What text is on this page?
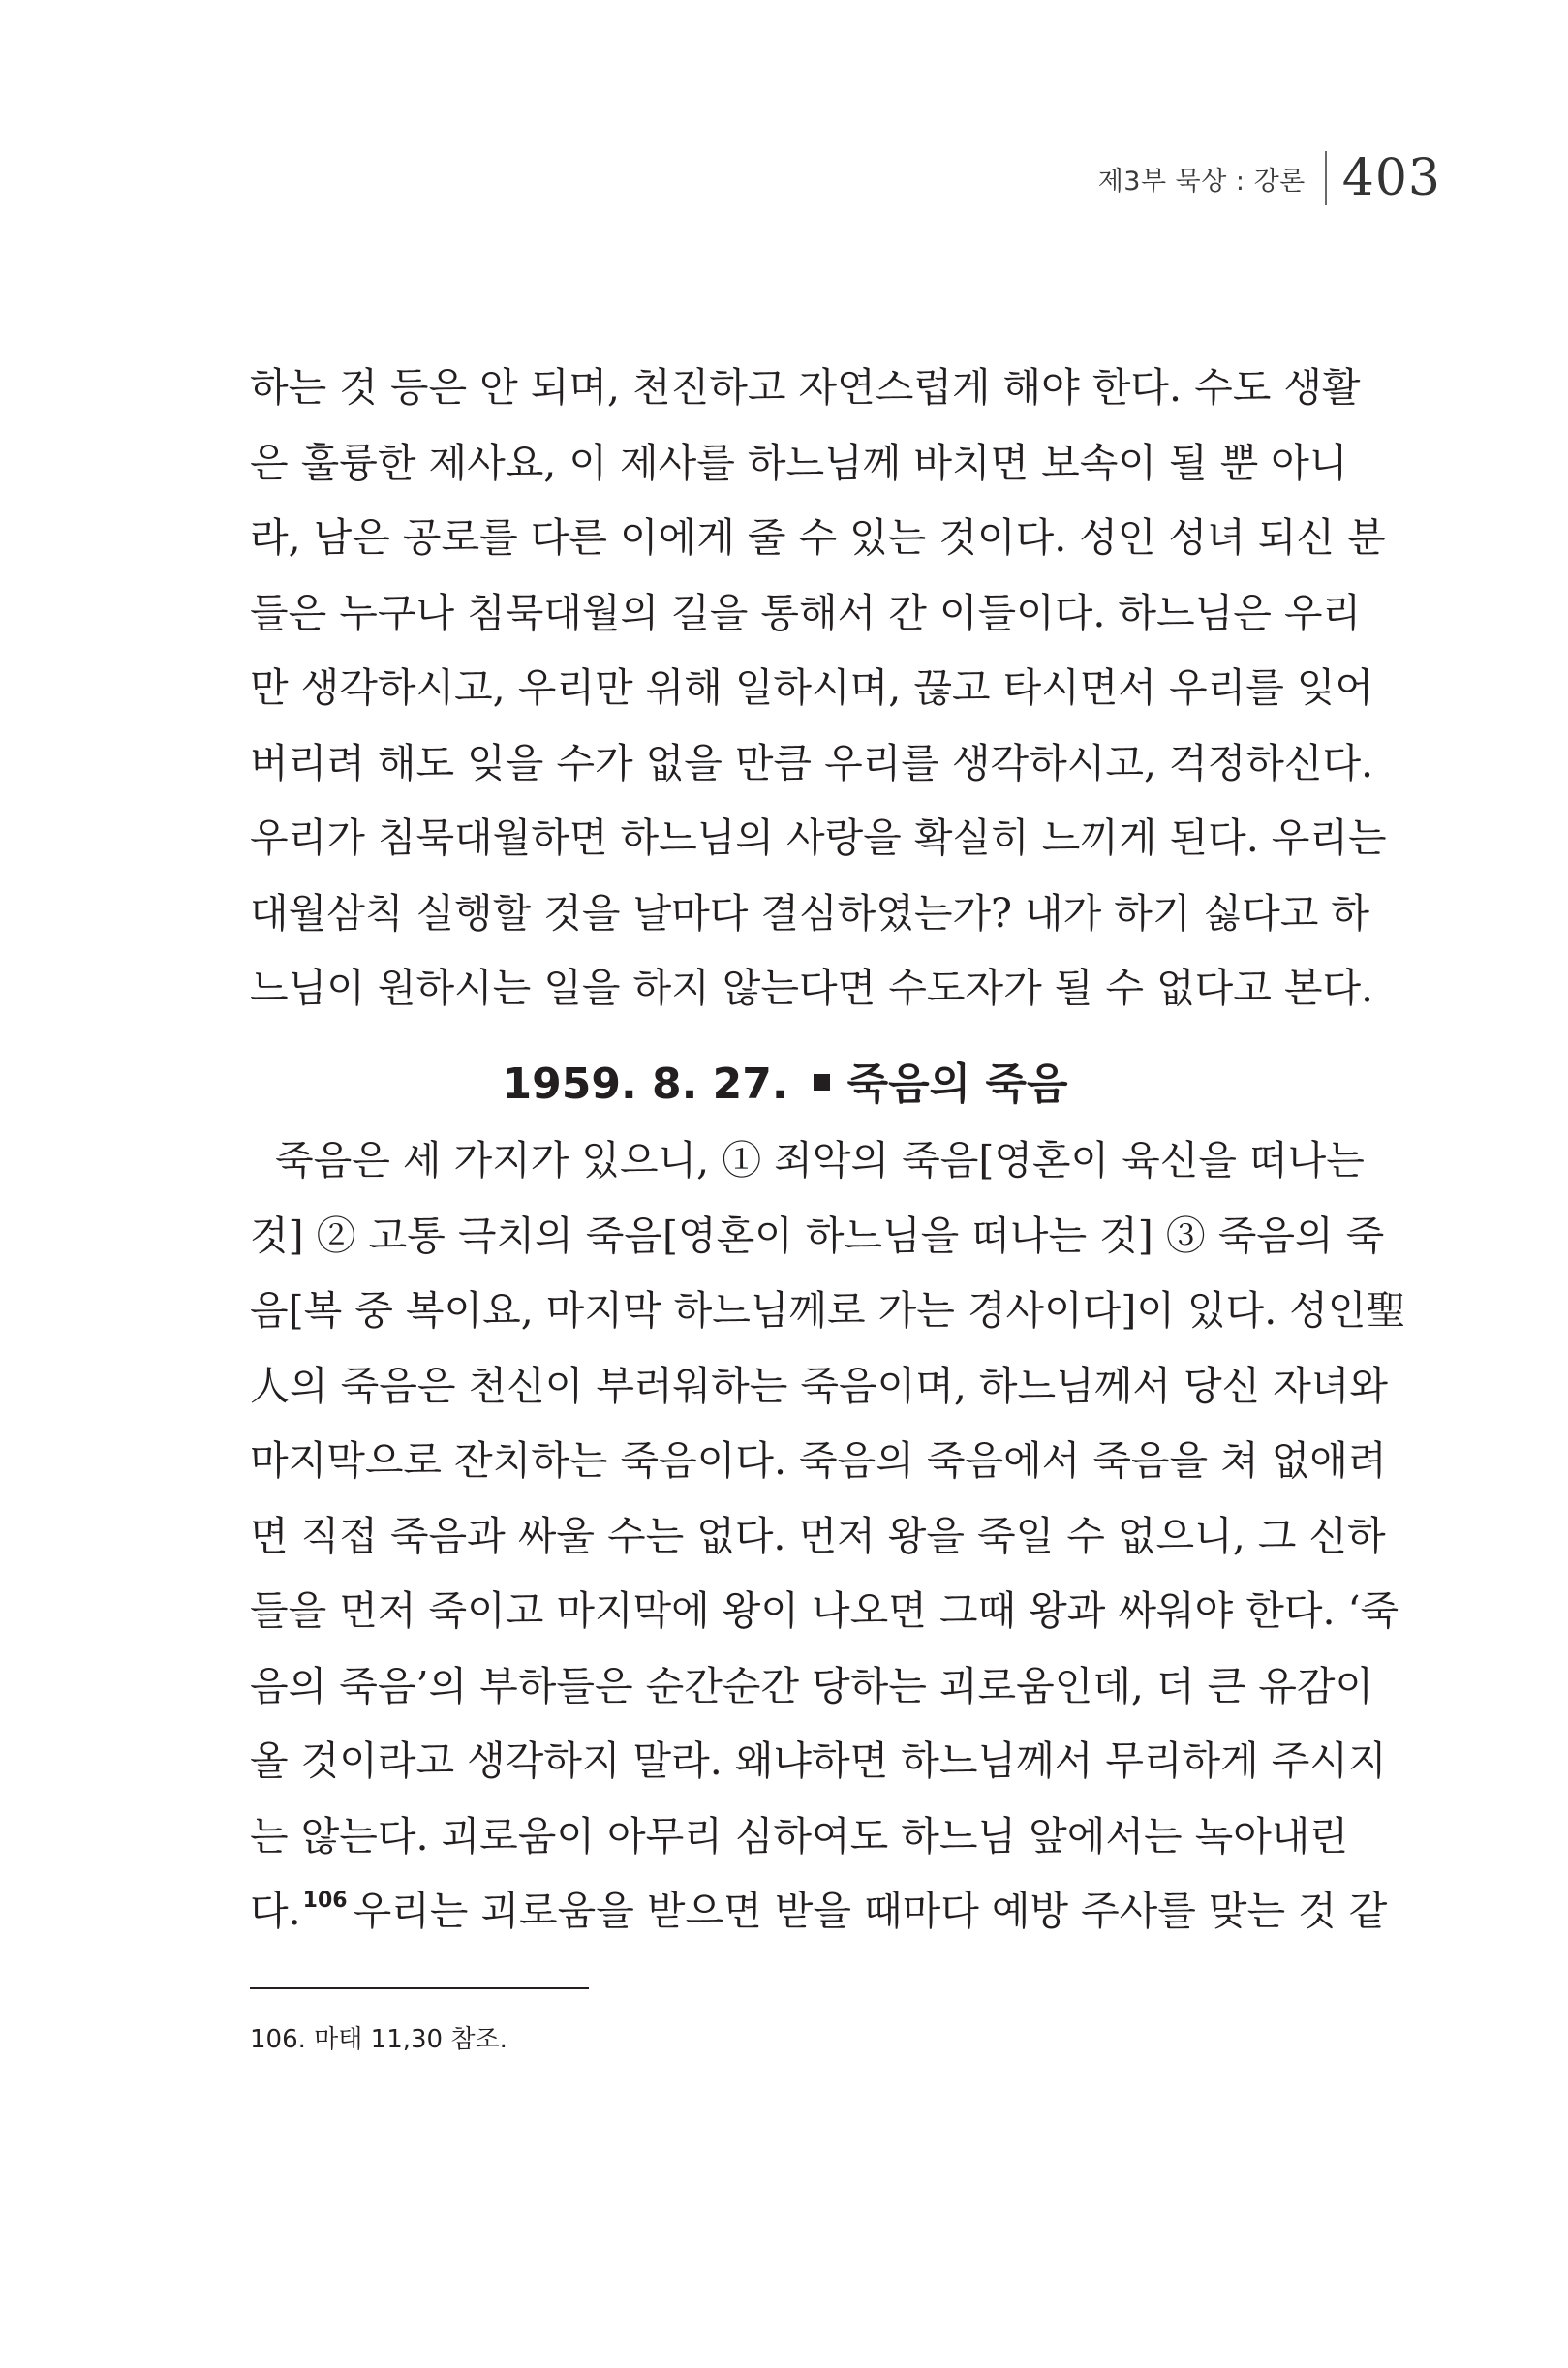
제3부 묵상 : 강론 403
하는 것 등은 안 되며, 천진하고 자연스럽게 해야 한다. 수도 생활
은 훌륭한 제사요, 이 제사를 하느님께 바치면 보속이 될 뿐 아니
라, 남은 공로를 다른 이에게 줄 수 있는 것이다. 성인 성녀 되신 분
들은 누구나 침묵대월의 길을 통해서 간 이들이다. 하느님은 우리
만 생각하시고, 우리만 위해 일하시며, 끊고 타시면서 우리를 잊어
버리려 해도 잊을 수가 없을 만큼 우리를 생각하시고, 걱정하신다.
우리가 침묵대월하면 하느님의 사랑을 확실히 느끼게 된다. 우리는
대월삼칙 실행할 것을 날마다 결심하였는가? 내가 하기 싫다고 하
느님이 원하시는 일을 하지 않는다면 수도자가 될 수 없다고 본다.
1959. 8. 27. 죽음의 죽음
죽음은 세 가지가 있으니, ① 죄악의 죽음[영혼이 육신을 떠나는
것] ② 고통 극치의 죽음[영혼이 하느님을 떠나는 것] ③ 죽음의 죽
음[복 중 복이요, 마지막 하느님께로 가는 경사이다]이 있다. 성인聖
人의 죽음은 천신이 부러워하는 죽음이며, 하느님께서 당신 자녀와
마지막으로 잔치하는 죽음이다. 죽음의 죽음에서 죽음을 쳐 없애려
면 직접 죽음과 싸울 수는 없다. 먼저 왕을 죽일 수 없으니, 그 신하
들을 먼저 죽이고 마지막에 왕이 나오면 그때 왕과 싸워야 한다. ‘죽
음의 죽음’의 부하들은 순간순간 당하는 괴로움인데, 더 큰 유감이
올 것이라고 생각하지 말라. 왜냐하면 하느님께서 무리하게 주시지
는 않는다. 괴로움이 아무리 심하여도 하느님 앞에서는 녹아내린
다.$^{106}$ 우리는 괴로움을 받으면 받을 때마다 예방 주사를 맞는 것 같
106. 마태 11,30 참조.
